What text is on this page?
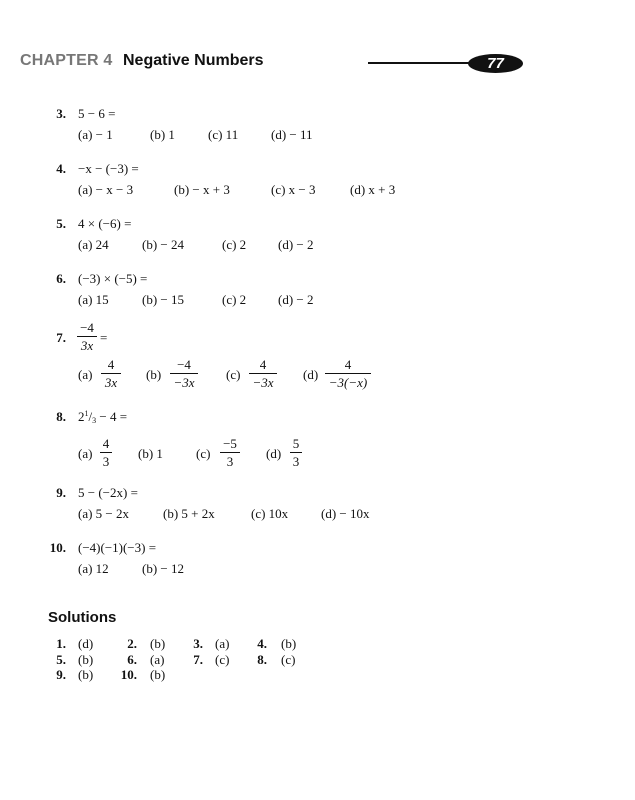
CHAPTER 4 Negative Numbers	77
3. 5 − 6 =
(a) − 1	(b) 1	(c) 11	(d) − 11
4. −x − (−3) =
(a) − x − 3	(b) − x + 3	(c) x − 3	(d) x + 3
5. 4 × (−6) =
(a) 24	(b) − 24	(c) 2 (d) − 2
6. (−3) × (−5) =
(a) 15	(b) − 15	(c) 2 (d) − 2
7.
−4
3x
=
(a)
4
3x
(b)
−4
−3x
(c)
4
−3x
(d)
4
−3(−x)
8. $2^1/_3 - 4$ =
(a)
4
3
(b) 1	(c)
−5
3
(d)
5
3
9. 5 − (−2x) =
(a) 5 − 2x	(b) 5 + 2x	(c) 10x	(d) − 10x
10. (−4)(−1)(−3) =
(a) 12	(b) − 12
Solutions
1. (d)	2. (b)	3. (a)	4. (b)
5. (b)	6. (a)	7. (c)	8. (c)
9. (b) 10. (b)
